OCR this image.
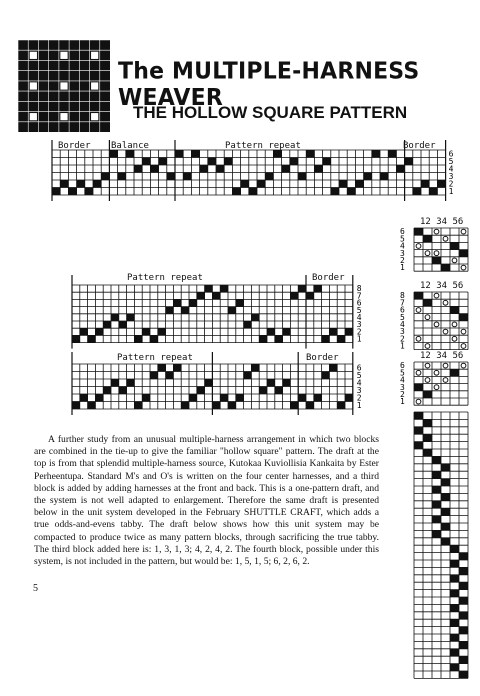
The MULTIPLE-HARNESS WEAVER
THE HOLLOW SQUARE PATTERN
6
5
4
3
2
1
Border Balance	Pattern repeat	Border
8
7
6
5
4
3
2
1
Pattern repeat	Border
6
5
4
3
2
1
Pattern repeat	Border
6
5
4
3
2
1
12 34 56
8
7
6
5
4
3
2
1
12 34 56
6
5
4
3
2
1
12 34 56
A further study from an unusual multiple-harness arrangement in which two blocks are combined in the tie-up to give the familiar "hollow square" pattern. The draft at the top is from that splendid multiple-harness source, Kutokaa Kuviollisia Kankaita by Ester Perheentupa. Standard M's and O's is written on the four center harnesses, and a third block is added by adding harnesses at the front and back. This is a one-pattern draft, and the system is not well adapted to enlargement. Therefore the same draft is presented below in the unit system developed in the February SHUTTLE CRAFT, which adds a true odds-and-evens tabby. The draft below shows how this unit system may be compacted to produce twice as many pattern blocks, through sacrificing the true tabby. The third block added here is: 1, 3, 1, 3; 4, 2, 4, 2. The fourth block, possible under this system, is not included in the pattern, but would be: 1, 5, 1, 5; 6, 2, 6, 2.
5
